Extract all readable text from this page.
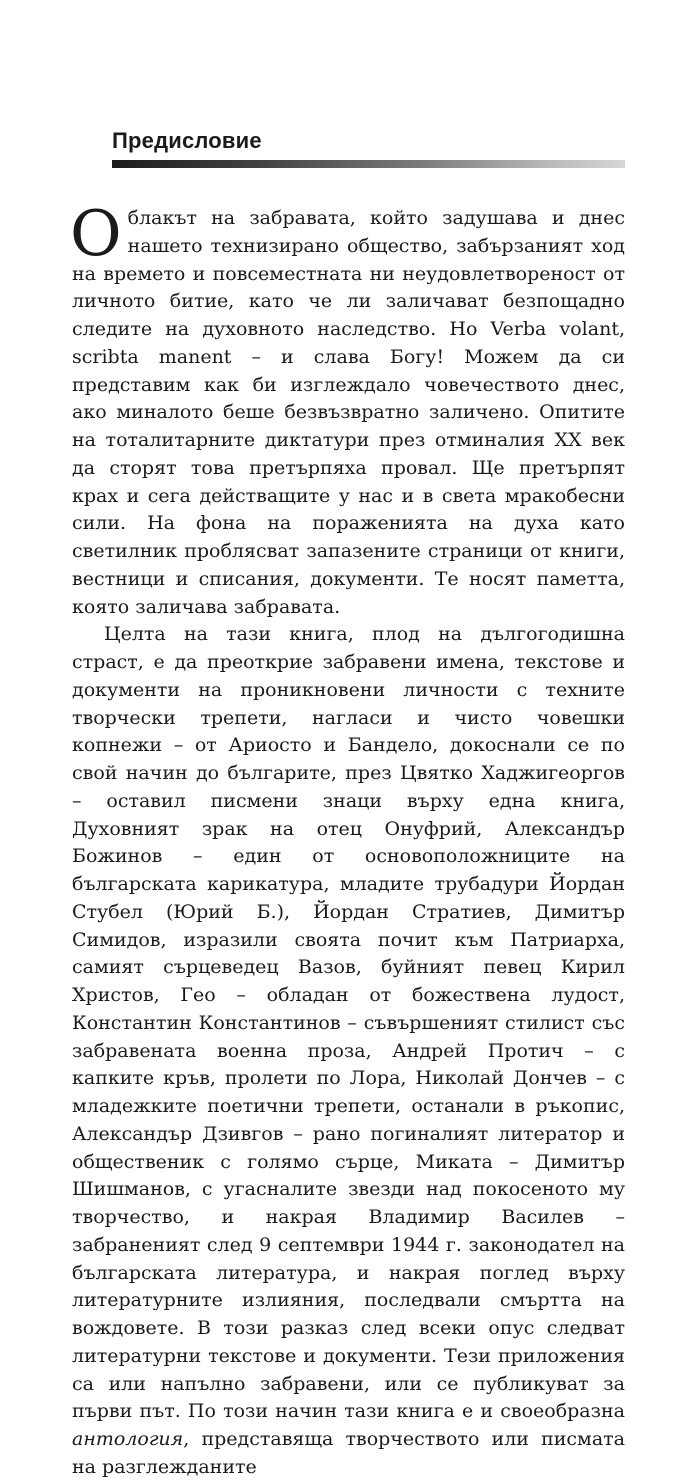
Предисловие

Облакът на забравата, който задушава и днес нашето технизирано общество, забързаният ход на времето и повсеместната ни неудовлетвореност от личното битие, като че ли заличават безпощадно следите на духовното наследство. Но Verba volant, scribta manent – и слава Богу! Можем да си представим как би изглеждало човечеството днес, ако миналото беше безвъзвратно заличено. Опитите на тоталитарните диктатури през отминалия XX век да сторят това претърпяха провал. Ще претърпят крах и сега действащите у нас и в света мракобесни сили. На фона на пораженията на духа като светилник проблясват запазените страници от книги, вестници и списания, документи. Те носят паметта, която заличава забравата.

Целта на тази книга, плод на дългогодишна страст, е да преоткрие забравени имена, текстове и документи на проникновени личности с техните творчески трепети, нагласи и чисто човешки копнежи – от Ариосто и Бандело, докоснали се по свой начин до българите, през Цвятко Хаджигеоргов – оставил писмени знаци върху една книга, Духовният зрак на отец Онуфрий, Александър Божинов – един от основоположниците на българската карикатура, младите трубадури Йордан Стубел (Юрий Б.), Йордан Стратиев, Димитър Симидов, изразили своята почит към Патриарха, самият сърцеведец Вазов, буйният певец Кирил Христов, Гео – обладан от божествена лудост, Константин Константинов – съвършеният стилист със забравената военна проза, Андрей Протич – с капките кръв, пролети по Лора, Николай Дончев – с младежките поетични трепети, останали в ръкопис, Александър Дзивгов – рано погиналият литератор и общественик с голямо сърце, Миката – Димитър Шишманов, с угасналите звезди над покосеното му творчество, и накрая Владимир Василев – забраненият след 9 септември 1944 г. законодател на българската литература, и накрая поглед върху литературните излияния, последвали смъртта на вождовете. В този разказ след всеки опус следват литературни текстове и документи. Тези приложения са или напълно забравени, или се публикуват за първи път. По този начин тази книга е и своеобразна антология, представяща творчеството или писмата на разглежданите
